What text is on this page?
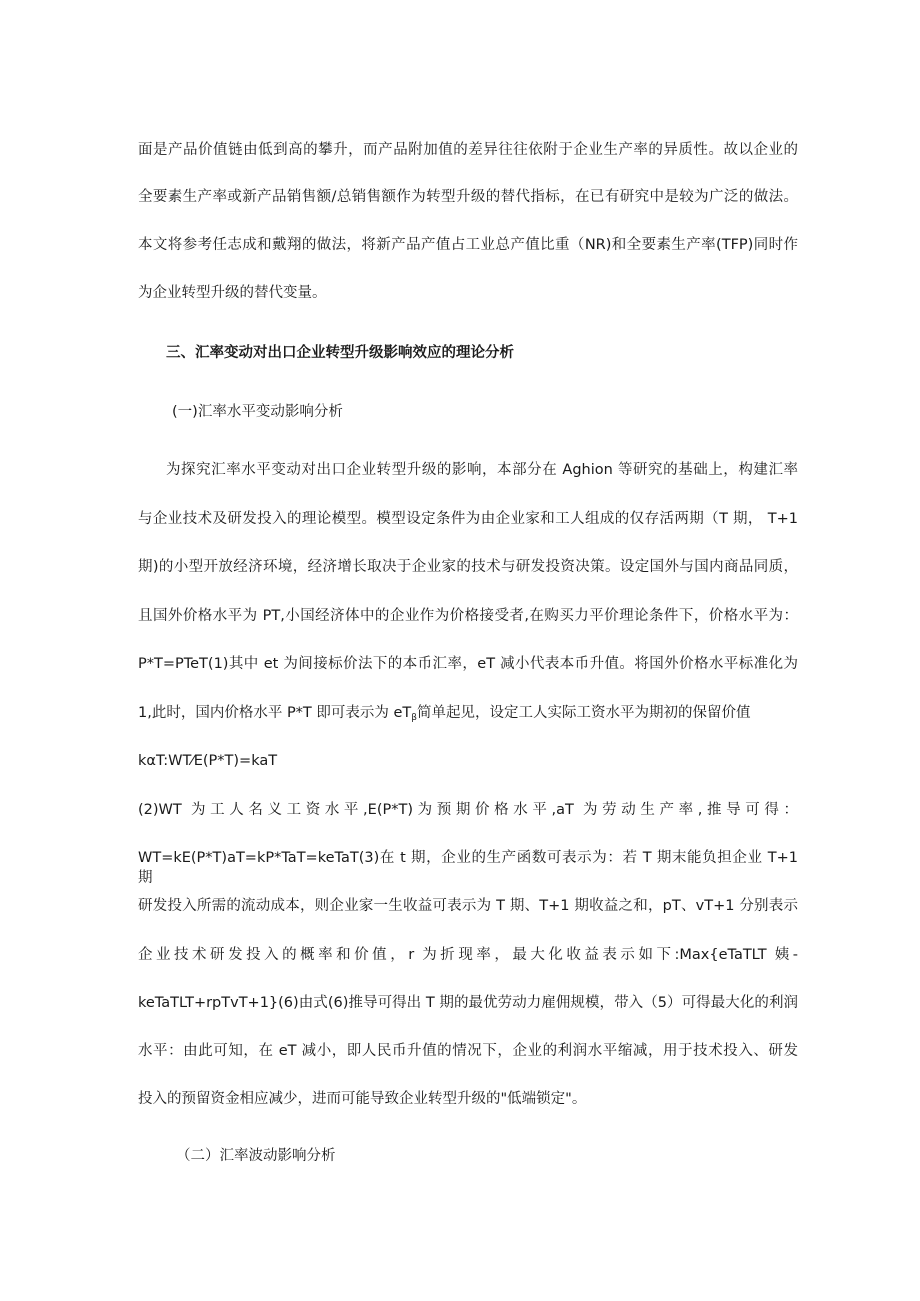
面是产品价值链由低到高的攀升，而产品附加值的差异往往依附于企业生产率的异质性。故以企业的

全要素生产率或新产品销售额/总销售额作为转型升级的替代指标，在已有研究中是较为广泛的做法。

本文将参考任志成和戴翔的做法，将新产品产值占工业总产值比重（NR)和全要素生产率(TFP)同时作

为企业转型升级的替代变量。

三、汇率变动对出口企业转型升级影响效应的理论分析

(一)汇率水平变动影响分析

为探究汇率水平变动对出口企业转型升级的影响，本部分在 Aghion 等研究的基础上，构建汇率

与企业技术及研发投入的理论模型。模型设定条件为由企业家和工人组成的仅存活两期（T 期， T+1

期)的小型开放经济环境，经济增长取决于企业家的技术与研发投资决策。设定国外与国内商品同质，

且国外价格水平为 PT,小国经济体中的企业作为价格接受者,在购买力平价理论条件下，价格水平为：

P*T=PTeT(1)其中 et 为间接标价法下的本币汇率，eT 减小代表本币升值。将国外价格水平标准化为

1,此时，国内价格水平 P*T 即可表示为 $eT_\beta$简单起见，设定工人实际工资水平为期初的保留价值

kαT:WT⁄E(P*T)=kaT

(2)WT 为工人名义工资水平,E(P*T)为预期价格水平,aT 为劳动生产率,推导可得：

WT=kE(P*T)aT=kP*TaT=keTaT(3)在 t 期，企业的生产函数可表示为：若 T 期末能负担企业 T+1 期

研发投入所需的流动成本，则企业家一生收益可表示为 T 期、T+1 期收益之和，pT、vT+1 分别表示

企业技术研发投入的概率和价值，r 为折现率，最大化收益表示如下:Max{eTaTLT 姨-

keTaTLT+rpTvT+1}(6)由式(6)推导可得出 T 期的最优劳动力雇佣规模，带入（5）可得最大化的利润

水平：由此可知，在 eT 减小，即人民币升值的情况下，企业的利润水平缩减，用于技术投入、研发

投入的预留资金相应减少，进而可能导致企业转型升级的"低端锁定"。

（二）汇率波动影响分析
